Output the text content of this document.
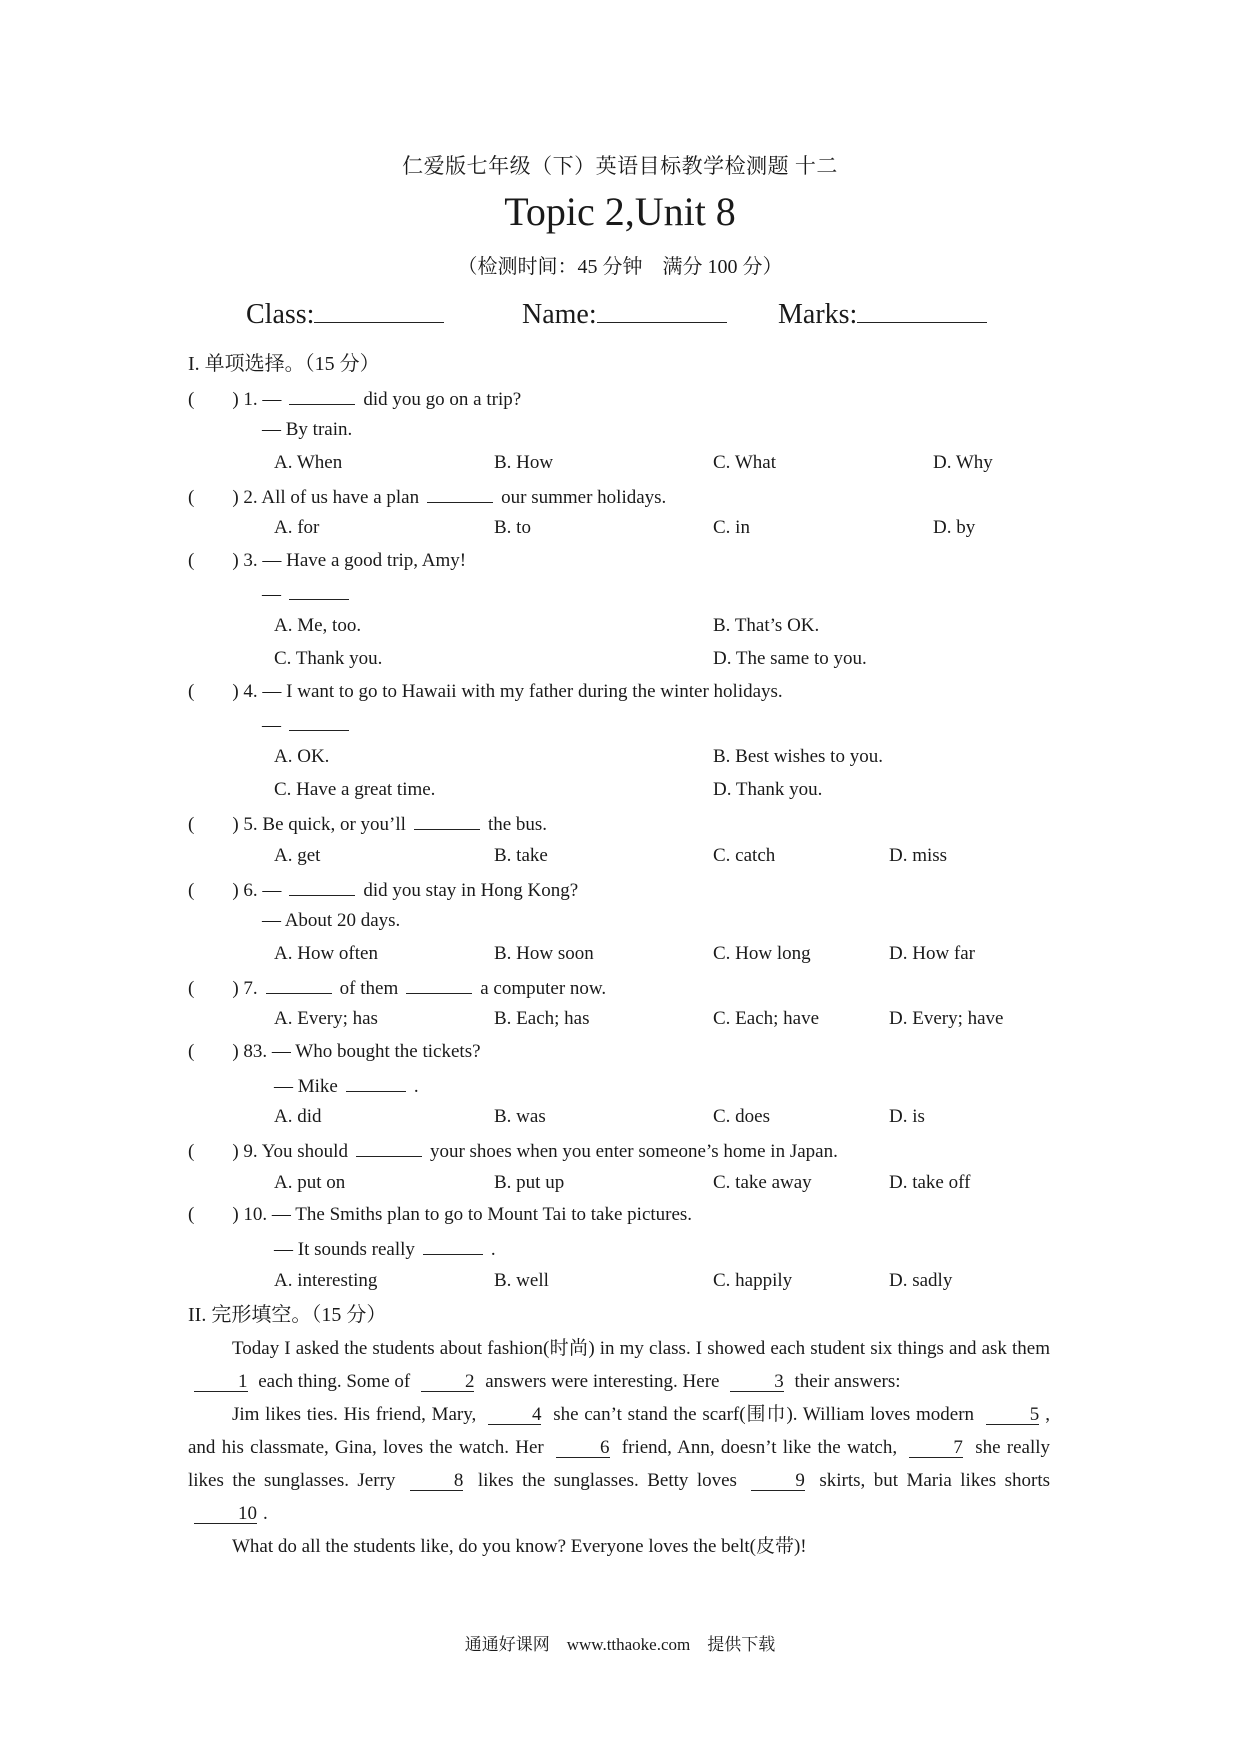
仁爱版七年级（下）英语目标教学检测题 十二
Topic 2,Unit 8
（检测时间：45 分钟　满分 100 分）
Class:	Name:	Marks:
I. 单项选择。（15 分）
(　　) 1. —	did you go on a trip?
— By train.
A. When	B. How	C. What	D. Why
(　　) 2. All of us have a plan	our summer holidays.
A. for	B. to	C. in	D. by
(　　) 3. — Have a good trip, Amy!
—
A. Me, too.	B. That’s OK.
C. Thank you.	D. The same to you.
(　　) 4. — I want to go to Hawaii with my father during the winter holidays.
—
A. OK.	B. Best wishes to you.
C. Have a great time.	D. Thank you.
(　　) 5. Be quick, or you’ll	the bus.
A. get	B. take	C. catch	D. miss
(　　) 6. —	did you stay in Hong Kong?
— About 20 days.
A. How often	B. How soon	C. How long	D. How far
(　　) 7.	of them	a computer now.
A. Every; has	B. Each; has	C. Each; have	D. Every; have
(　　) 83. — Who bought the tickets?
— Mike	.
A. did	B. was	C. does	D. is
(　　) 9. You should	your shoes when you enter someone’s home in Japan.
A. put on	B. put up	C. take away	D. take off
(　　) 10. — The Smiths plan to go to Mount Tai to take pictures.
— It sounds really	.
A. interesting	B. well	C. happily	D. sadly
II. 完形填空。（15 分）

Today I asked the students about fashion(时尚) in my class. I showed each student six things and ask them 1 each thing. Some of	2 answers were interesting. Here	3 their answers:

Jim likes ties. His friend, Mary,	4 she can’t stand the scarf(围巾). William loves modern	5 , and his classmate, Gina, loves the watch. Her	6 friend, Ann, doesn’t like the watch,	7 she really likes the sunglasses. Jerry	8 likes the sunglasses. Betty loves	9 skirts, but Maria likes shorts 10 .

What do all the students like, do you know? Everyone loves the belt(皮带)!

通通好课网　www.tthaoke.com　提供下载
